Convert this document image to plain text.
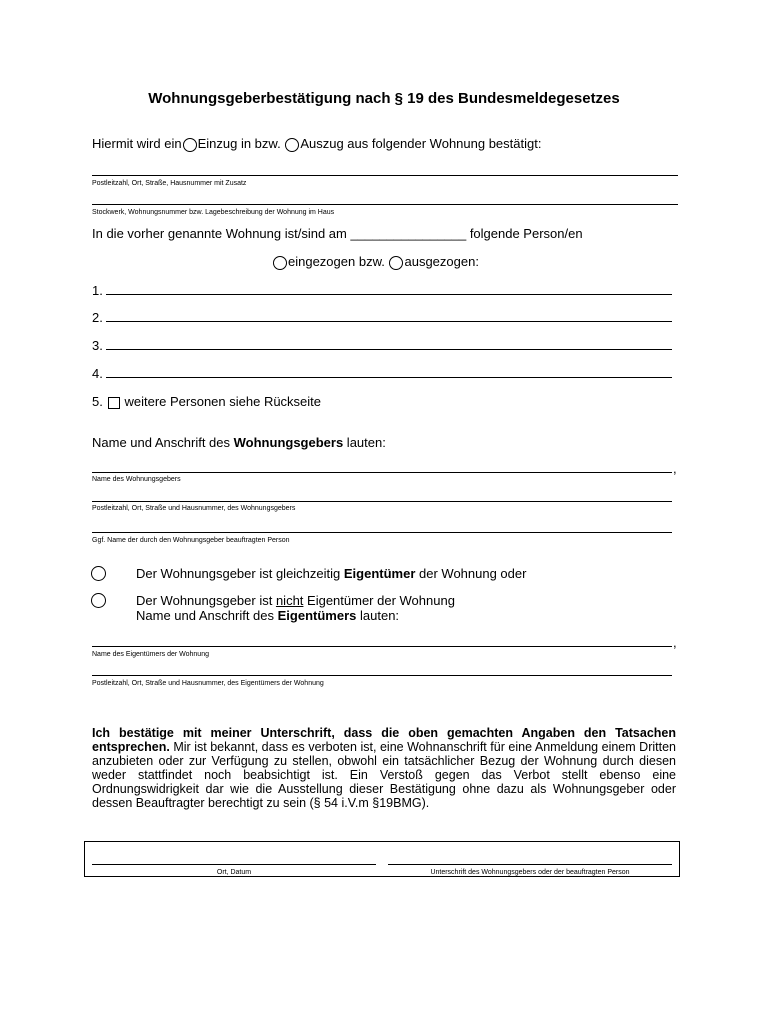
Wohnungsgeberbestätigung nach § 19 des Bundesmeldegesetzes
Hiermit wird ein Einzug in bzw. Auszug aus folgender Wohnung bestätigt:
Postleitzahl, Ort, Straße, Hausnummer mit Zusatz
Stockwerk, Wohnungsnummer bzw. Lagebeschreibung der Wohnung im Haus
In die vorher genannte Wohnung ist/sind am ________________ folgende Person/en
eingezogen bzw. ausgezogen:
1.
2.
3.
4.
5. weitere Personen siehe Rückseite
Name und Anschrift des Wohnungsgebers lauten:
,
Name des Wohnungsgebers
Postleitzahl, Ort, Straße und Hausnummer, des Wohnungsgebers
Ggf. Name der durch den Wohnungsgeber beauftragten Person
Der Wohnungsgeber ist gleichzeitig Eigentümer der Wohnung oder
Der Wohnungsgeber ist nicht Eigentümer der Wohnung
Name und Anschrift des Eigentümers lauten:
,
Name des Eigentümers der Wohnung
Postleitzahl, Ort, Straße und Hausnummer, des Eigentümers der Wohnung
Ich bestätige mit meiner Unterschrift, dass die oben gemachten Angaben den Tatsachen entsprechen. Mir ist bekannt, dass es verboten ist, eine Wohnanschrift für eine Anmeldung einem Dritten anzubieten oder zur Verfügung zu stellen, obwohl ein tatsächlicher Bezug der Wohnung durch diesen weder stattfindet noch beabsichtigt ist. Ein Verstoß gegen das Verbot stellt ebenso eine Ordnungswidrigkeit dar wie die Ausstellung dieser Bestätigung ohne dazu als Wohnungsgeber oder dessen Beauftragter berechtigt zu sein (§ 54 i.V.m §19BMG).
Ort, Datum	Unterschrift des Wohnungsgebers oder der beauftragten Person
